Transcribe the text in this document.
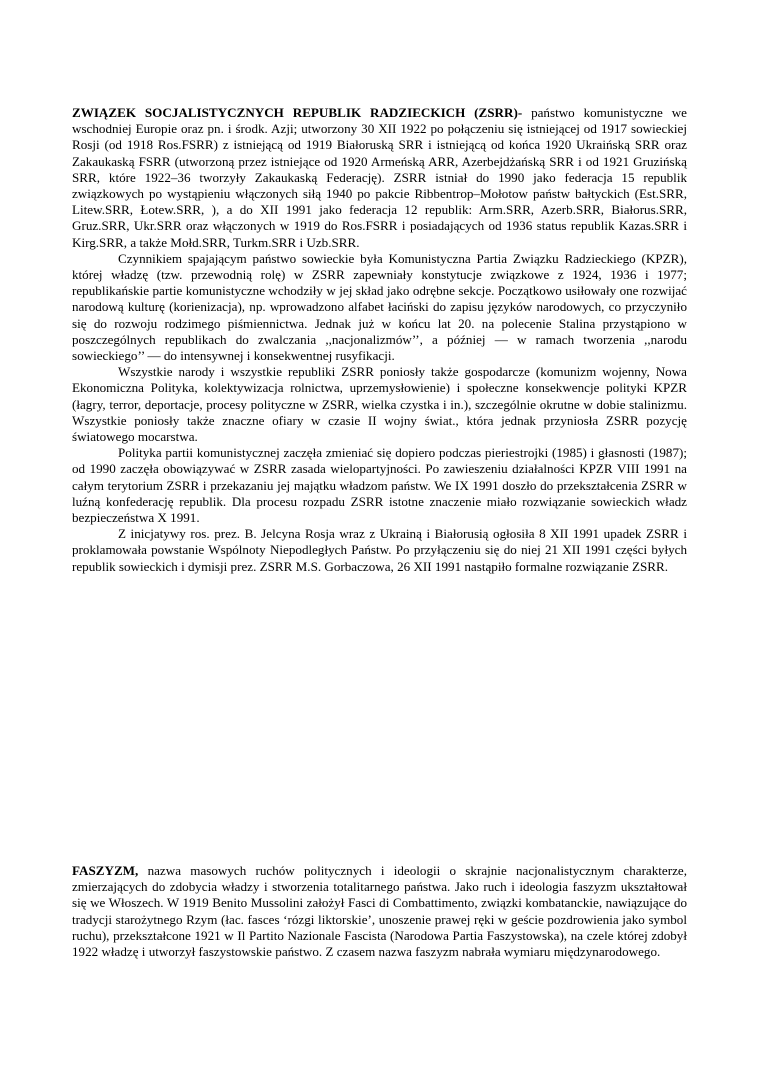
ZWIĄZEK SOCJALISTYCZNYCH REPUBLIK RADZIECKICH (ZSRR)- państwo komunistyczne we wschodniej Europie oraz pn. i środk. Azji; utworzony 30 XII 1922 po połączeniu się istniejącej od 1917 sowieckiej Rosji (od 1918 Ros.FSRR) z istniejącą od 1919 Białoruską SRR i istniejącą od końca 1920 Ukraińską SRR oraz Zakaukaską FSRR (utworzoną przez istniejące od 1920 Armeńską ARR, Azerbejdżańską SRR i od 1921 Gruzińską SRR, które 1922–36 tworzyły Zakaukaską Federację). ZSRR istniał do 1990 jako federacja 15 republik związkowych po wystąpieniu włączonych siłą 1940 po pakcie Ribbentrop–Mołotow państw bałtyckich (Est.SRR, Litew.SRR, Łotew.SRR, ), a do XII 1991 jako federacja 12 republik: Arm.SRR, Azerb.SRR, Białorus.SRR, Gruz.SRR, Ukr.SRR oraz włączonych w 1919 do Ros.FSRR i posiadających od 1936 status republik Kazas.SRR i Kirg.SRR, a także Mołd.SRR, Turkm.SRR i Uzb.SRR.

Czynnikiem spajającym państwo sowieckie była Komunistyczna Partia Związku Radzieckiego (KPZR), której władzę (tzw. przewodnią rolę) w ZSRR zapewniały konstytucje związkowe z 1924, 1936 i 1977; republikańskie partie komunistyczne wchodziły w jej skład jako odrębne sekcje. Początkowo usiłowały one rozwijać narodową kulturę (korienizacja), np. wprowadzono alfabet łaciński do zapisu języków narodowych, co przyczyniło się do rozwoju rodzimego piśmiennictwa. Jednak już w końcu lat 20. na polecenie Stalina przystąpiono w poszczególnych republikach do zwalczania ,,nacjonalizmów’’, a później — w ramach tworzenia ,,narodu sowieckiego’’ — do intensywnej i konsekwentnej rusyfikacji.

Wszystkie narody i wszystkie republiki ZSRR poniosły także gospodarcze (komunizm wojenny, Nowa Ekonomiczna Polityka, kolektywizacja rolnictwa, uprzemysłowienie) i społeczne konsekwencje polityki KPZR (łagry, terror, deportacje, procesy polityczne w ZSRR, wielka czystka i in.), szczególnie okrutne w dobie stalinizmu. Wszystkie poniosły także znaczne ofiary w czasie II wojny świat., która jednak przyniosła ZSRR pozycję światowego mocarstwa.

Polityka partii komunistycznej zaczęła zmieniać się dopiero podczas pieriestrojki (1985) i głasnosti (1987); od 1990 zaczęła obowiązywać w ZSRR zasada wielopartyjności. Po zawieszeniu działalności KPZR VIII 1991 na całym terytorium ZSRR i przekazaniu jej majątku władzom państw. We IX 1991 doszło do przekształcenia ZSRR w luźną konfederację republik. Dla procesu rozpadu ZSRR istotne znaczenie miało rozwiązanie sowieckich władz bezpieczeństwa X 1991.

Z inicjatywy ros. prez. B. Jelcyna Rosja wraz z Ukrainą i Białorusią ogłosiła 8 XII 1991 upadek ZSRR i proklamowała powstanie Wspólnoty Niepodległych Państw. Po przyłączeniu się do niej 21 XII 1991 części byłych republik sowieckich i dymisji prez. ZSRR M.S. Gorbaczowa, 26 XII 1991 nastąpiło formalne rozwiązanie ZSRR.

FASZYZM, nazwa masowych ruchów politycznych i ideologii o skrajnie nacjonalistycznym charakterze, zmierzających do zdobycia władzy i stworzenia totalitarnego państwa. Jako ruch i ideologia faszyzm ukształtował się we Włoszech. W 1919 Benito Mussolini założył Fasci di Combattimento, związki kombatanckie, nawiązujące do tradycji starożytnego Rzym (łac. fasces ‘rózgi liktorskie’, unoszenie prawej ręki w geście pozdrowienia jako symbol ruchu), przekształcone 1921 w Il Partito Nazionale Fascista (Narodowa Partia Faszystowska), na czele której zdobył 1922 władzę i utworzył faszystowskie państwo. Z czasem nazwa faszyzm nabrała wymiaru międzynarodowego.
